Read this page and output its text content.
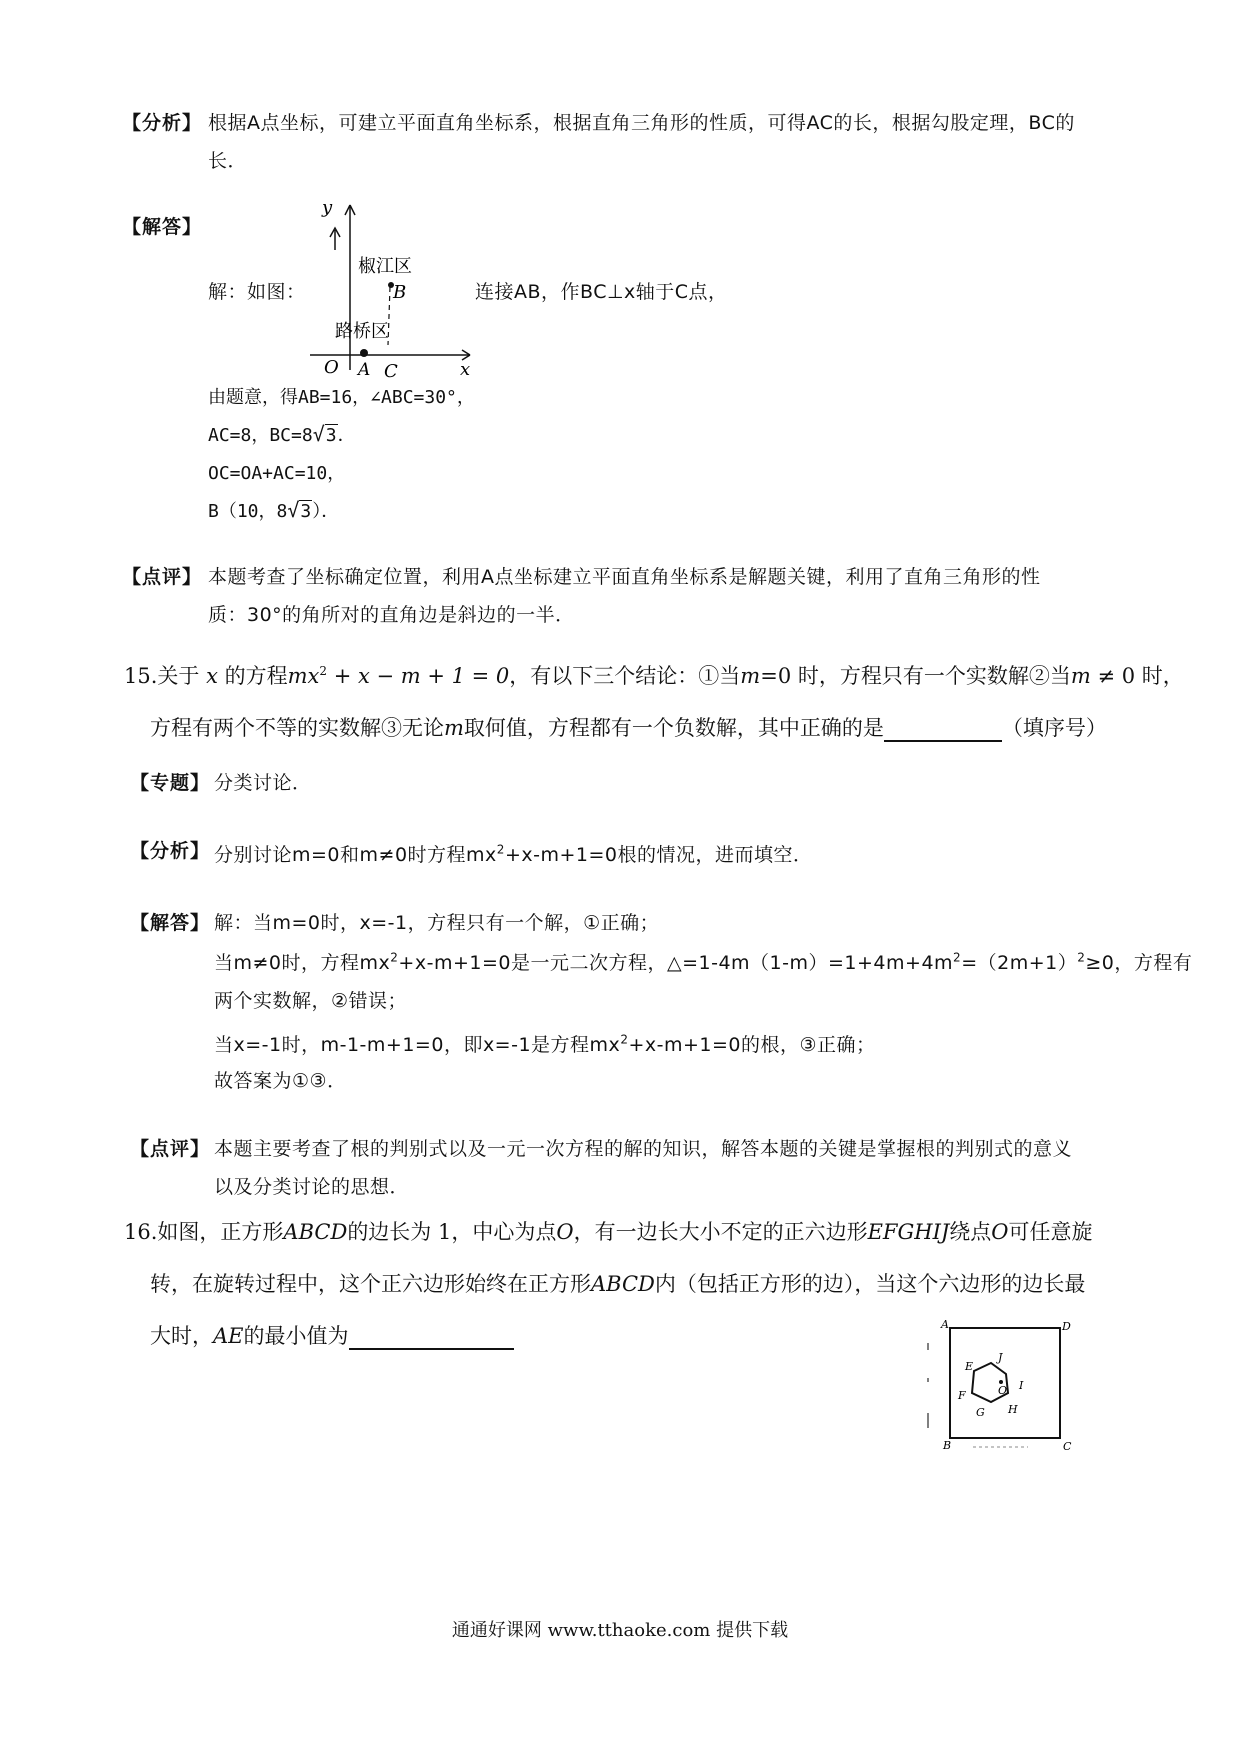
【分析】 根据A点坐标，可建立平面直角坐标系，根据直角三角形的性质，可得AC的长，根据勾股定理，BC的
长．
【解答】
解：如图：	连接AB，作BC⊥x轴于C点，
y
x
O A C
B
椒江区
路桥区
由题意，得AB=16，∠ABC=30°，
AC=8，BC=8√3．
OC=OA+AC=10，
B（10，8√3）．
【点评】 本题考查了坐标确定位置，利用A点坐标建立平面直角坐标系是解题关键，利用了直角三角形的性
质：30°的角所对的直角边是斜边的一半．
15.关于 x 的方程$mx^2 + x - m + 1 = 0$，有以下三个结论：①当m=0 时，方程只有一个实数解②当m ≠ 0 时，
方程有两个不等的实数解③无论m取何值，方程都有一个负数解，其中正确的是	（填序号）
【专题】 分类讨论．
【分析】 分别讨论m=0和m≠0时方程$mx^2+x-m+1=0$根的情况，进而填空．
【解答】 解：当m=0时，x=-1，方程只有一个解，①正确；
当m≠0时，方程$mx^2+x-m+1=0$是一元二次方程，$\triangle=1-4m(1-m)=1+4m+4m^2=(2m+1)^2\ge 0$，方程有
两个实数解，②错误；
当x=-1时，m-1-m+1=0，即x=-1是方程$mx^2+x-m+1=0$的根，③正确；
故答案为①③．
【点评】 本题主要考查了根的判别式以及一元一次方程的解的知识，解答本题的关键是掌握根的判别式的意义
以及分类讨论的思想．
16.如图，正方形ABCD的边长为 1，中心为点O，有一边长大小不定的正六边形EFGHIJ绕点O可任意旋
转，在旋转过程中，这个正六边形始终在正方形ABCD内（包括正方形的边），当这个六边形的边长最
大时，AE的最小值为	A	D
B	C
E
J
I
F
G H
O
通通好课网 www.tthaoke.com 提供下载
